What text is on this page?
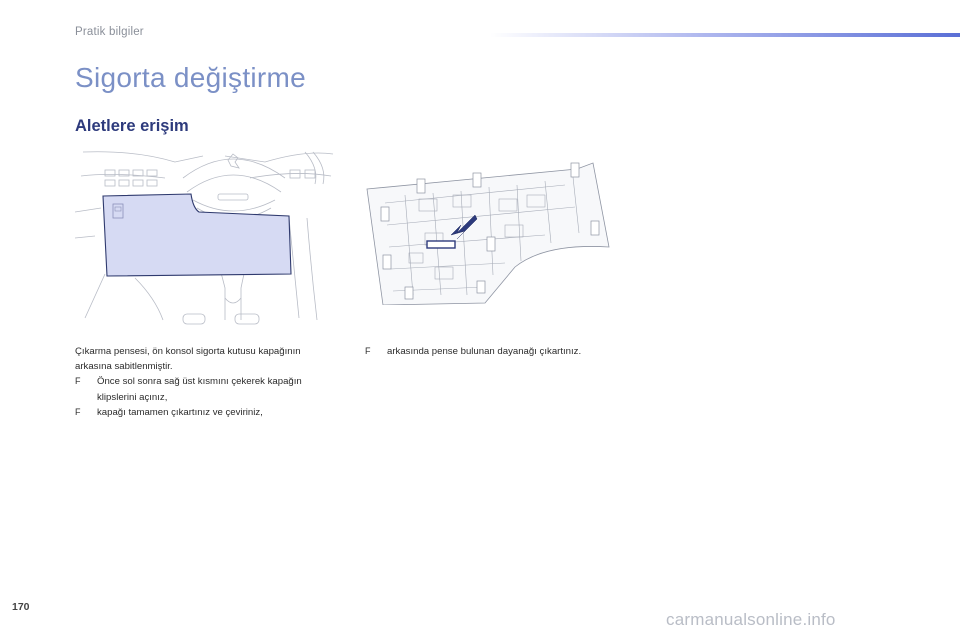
Pratik bilgiler
Sigorta değiştirme
Aletlere erişim

Çıkarma pensesi, ön konsol sigorta kutusu kapağının arkasına sabitlenmiştir.

F Önce sol sonra sağ üst kısmını çekerek kapağın klipslerini açınız,

F kapağı tamamen çıkartınız ve çeviriniz,

F arkasında pense bulunan dayanağı çıkartınız.

170
carmanualsonline.info
